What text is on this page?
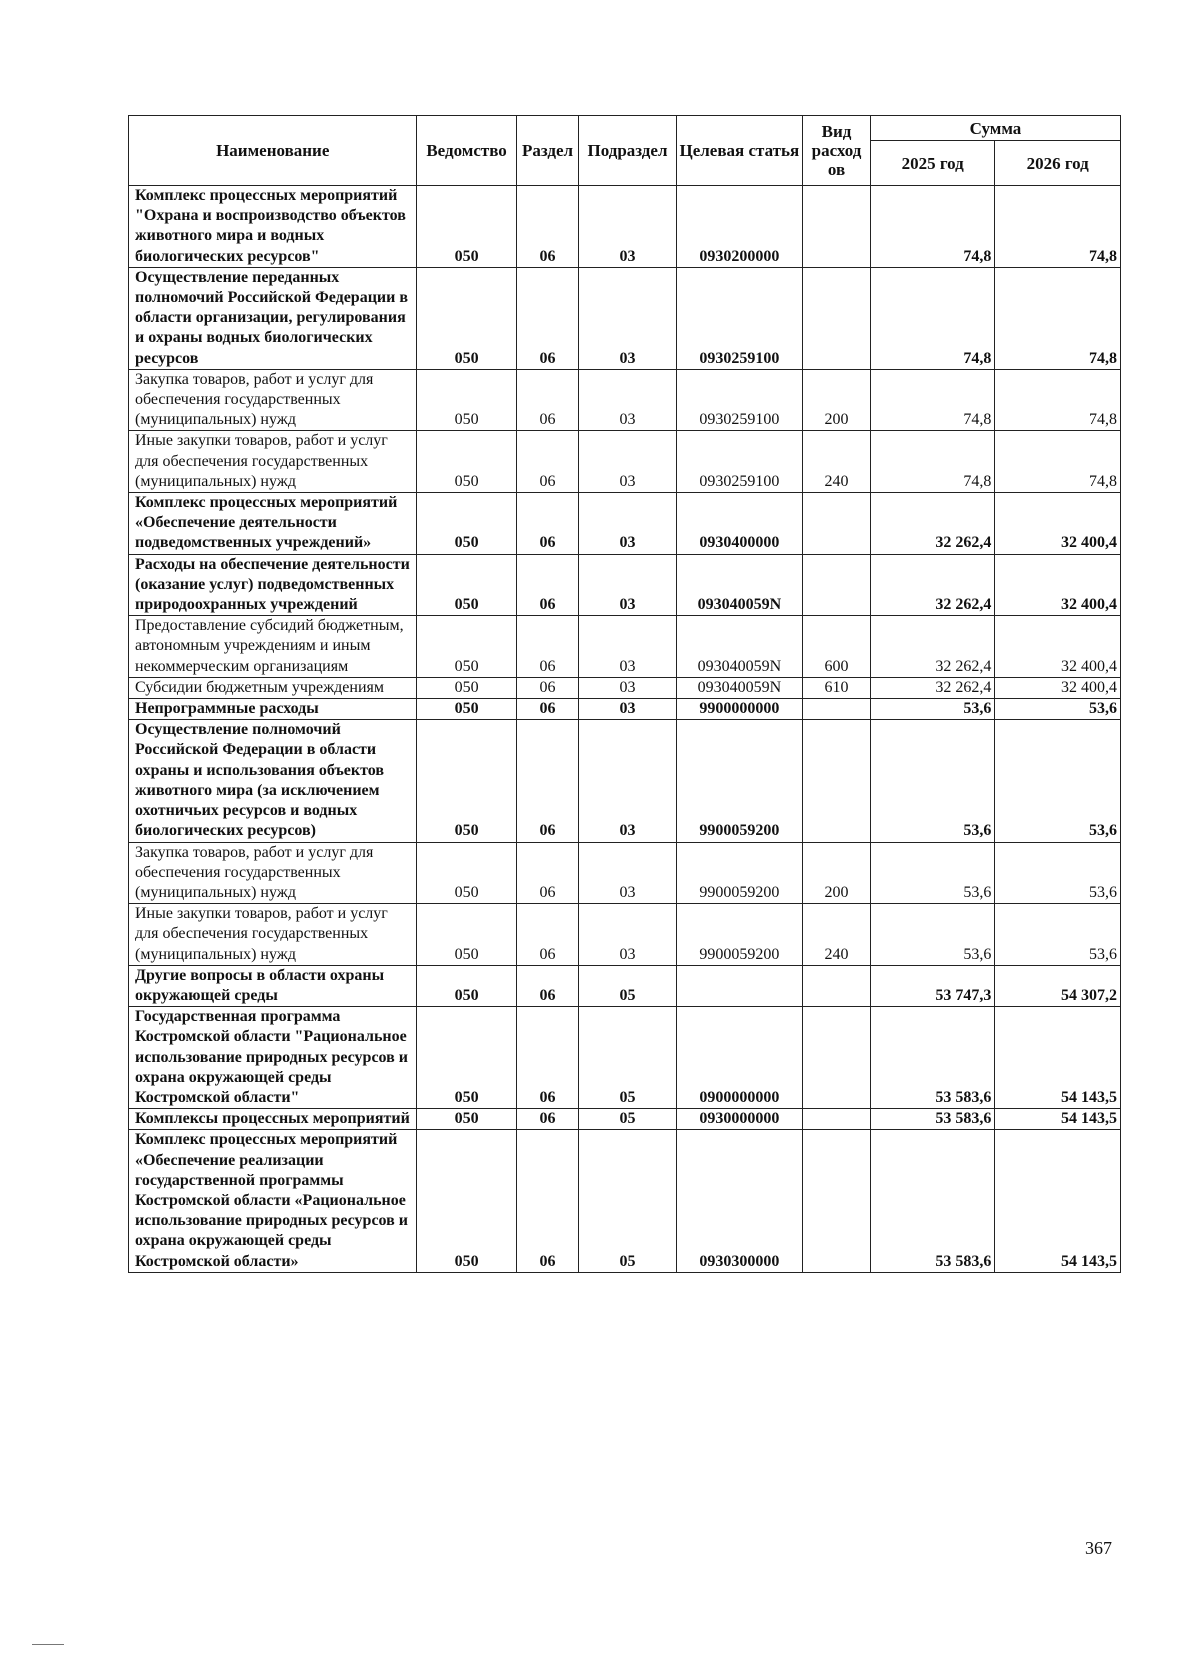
Наименование	Ведомство	Раздел	Подраздел	Целевая статья	Вид расход ов	Сумма	
						2025 год	2026 год
Комплекс процессных мероприятий "Охрана и воспроизводство объектов животного мира и водных биологических ресурсов"	050	06	03	0930200000		74,8	74,8
Осуществление переданных полномочий Российской Федерации в области организации, регулирования и охраны водных биологических ресурсов	050	06	03	0930259100		74,8	74,8
Закупка товаров, работ и услуг для обеспечения государственных (муниципальных) нужд	050	06	03	0930259100	200	74,8	74,8
Иные закупки товаров, работ и услуг для обеспечения государственных (муниципальных) нужд	050	06	03	0930259100	240	74,8	74,8
Комплекс процессных мероприятий «Обеспечение деятельности подведомственных учреждений»	050	06	03	0930400000		32 262,4	32 400,4
Расходы на обеспечение деятельности (оказание услуг) подведомственных природоохранных учреждений	050	06	03	093040059N		32 262,4	32 400,4
Предоставление субсидий бюджетным, автономным учреждениям и иным некоммерческим организациям	050	06	03	093040059N	600	32 262,4	32 400,4
Субсидии бюджетным учреждениям	050	06	03	093040059N	610	32 262,4	32 400,4
Непрограммные расходы	050	06	03	9900000000		53,6	53,6
Осуществление полномочий Российской Федерации в области охраны и использования объектов животного мира (за исключением охотничьих ресурсов и водных биологических ресурсов)	050	06	03	9900059200		53,6	53,6
Закупка товаров, работ и услуг для обеспечения государственных (муниципальных) нужд	050	06	03	9900059200	200	53,6	53,6
Иные закупки товаров, работ и услуг для обеспечения государственных (муниципальных) нужд	050	06	03	9900059200	240	53,6	53,6
Другие вопросы в области охраны окружающей среды	050	06	05			53 747,3	54 307,2
Государственная программа Костромской области "Рациональное использование природных ресурсов и охрана окружающей среды Костромской области"	050	06	05	0900000000		53 583,6	54 143,5
Комплексы процессных мероприятий	050	06	05	0930000000		53 583,6	54 143,5
Комплекс процессных мероприятий «Обеспечение реализации государственной программы Костромской области «Рациональное использование природных ресурсов и охрана окружающей среды Костромской области»	050	06	05	0930300000		53 583,6	54 143,5
367
